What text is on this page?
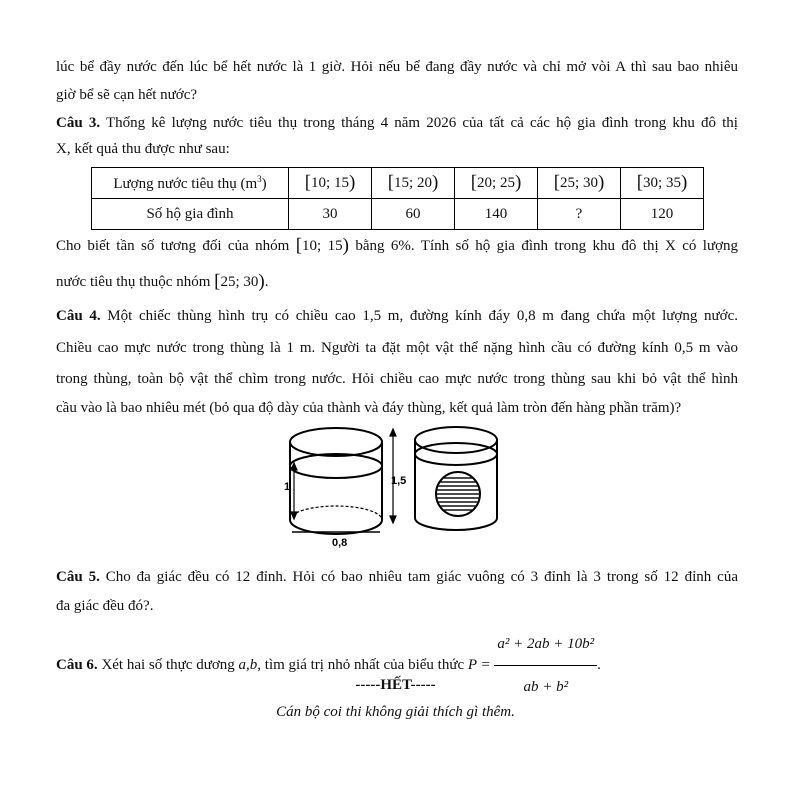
lúc bể đầy nước đến lúc bể hết nước là 1 giờ. Hỏi nếu bể đang đầy nước và chỉ mở vòi A thì sau bao nhiêu
giờ bể sẽ cạn hết nước?
Câu 3. Thống kê lượng nước tiêu thụ trong tháng 4 năm 2026 của tất cả các hộ gia đình trong khu đô thị
X, kết quả thu được như sau:
Lượng nước tiêu thụ $(m^3)$	[10; 15)	[15; 20)	[20; 25)	[25; 30)	[30; 35)
Số hộ gia đình	30	60	140	?	120
Cho biết tần số tương đối của nhóm [10; 15) bằng 6%. Tính số hộ gia đình trong khu đô thị X có lượng
nước tiêu thụ thuộc nhóm [25; 30).
Câu 4. Một chiếc thùng hình trụ có chiều cao 1,5 m, đường kính đáy 0,8 m đang chứa một lượng nước.
Chiều cao mực nước trong thùng là 1 m. Người ta đặt một vật thể nặng hình cầu có đường kính 0,5 m vào
trong thùng, toàn bộ vật thể chìm trong nước. Hỏi chiều cao mực nước trong thùng sau khi bỏ vật thể hình
cầu vào là bao nhiêu mét (bỏ qua độ dày của thành và đáy thùng, kết quả làm tròn đến hàng phần trăm)?
1
0,8
1,5
Câu 5. Cho đa giác đều có 12 đỉnh. Hỏi có bao nhiêu tam giác vuông có 3 đỉnh là 3 trong số 12 đỉnh của
đa giác đều đó?.
Câu 6. Xét hai số thực dương a,b, tìm giá trị nhỏ nhất của biểu thức $P = \frac{\text{a² + 2ab + 10b²}}{\text{ab + b²}}$ .
-----HẾT-----
Cán bộ coi thi không giải thích gì thêm.
